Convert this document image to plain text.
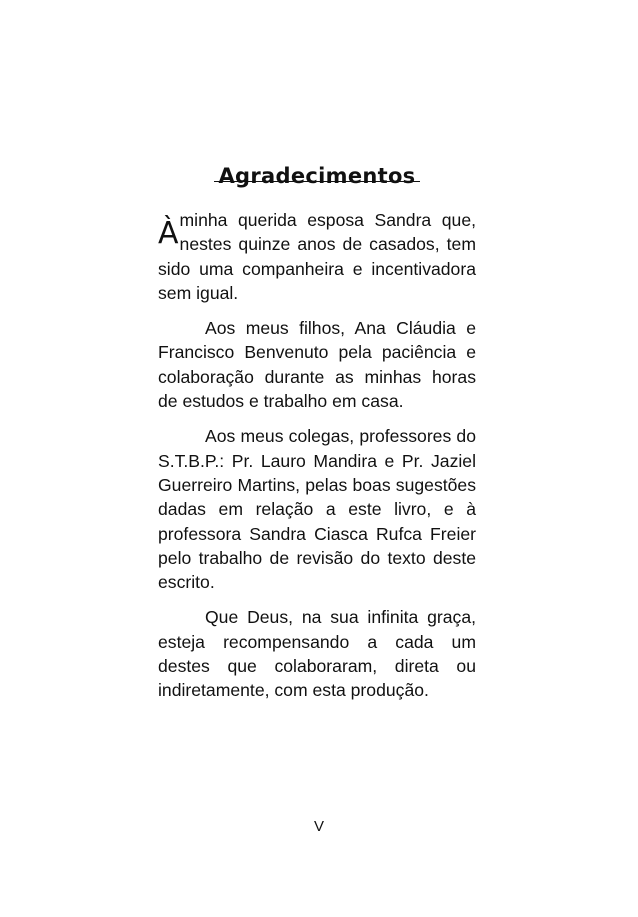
Agradecimentos

À minha querida esposa Sandra que, nestes quinze anos de casados, tem sido uma companheira e incentivadora sem igual.

Aos meus filhos, Ana Cláudia e Francisco Benvenuto pela paciência e colaboração durante as minhas horas de estudos e trabalho em casa.

Aos meus colegas, professores do S.T.B.P.: Pr. Lauro Mandira e Pr. Jaziel Guerreiro Martins, pelas boas sugestões dadas em relação a este livro, e à professora Sandra Ciasca Rufca Freier pelo trabalho de revisão do texto deste escrito.

Que Deus, na sua infinita graça, esteja recompensando a cada um destes que colaboraram, direta ou indiretamente, com esta produção.

V
